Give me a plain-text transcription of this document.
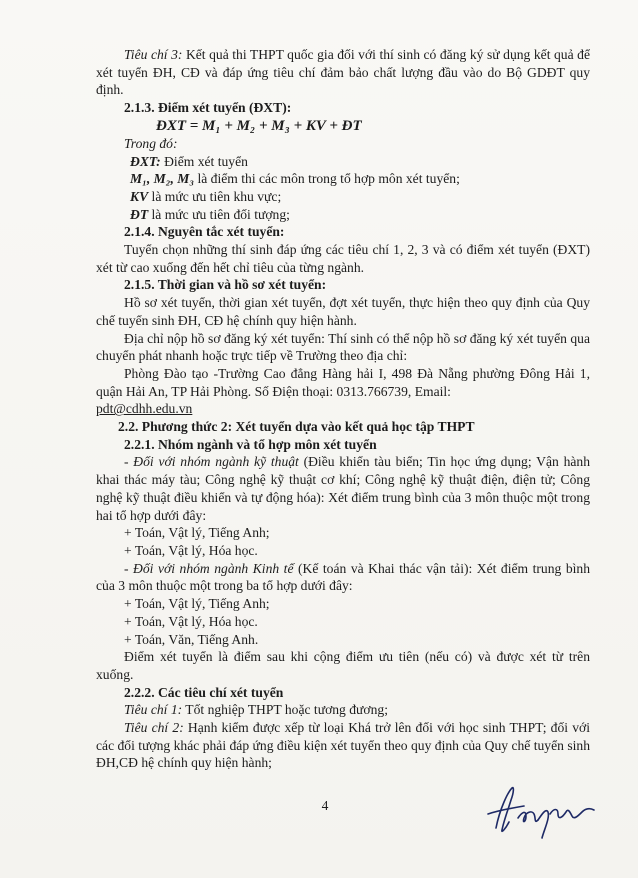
Tiêu chí 3: Kết quả thi THPT quốc gia đối với thí sinh có đăng ký sử dụng kết quả để xét tuyển ĐH, CĐ và đáp ứng tiêu chí đảm bảo chất lượng đầu vào do Bộ GDĐT quy định.

2.1.3. Điểm xét tuyển (ĐXT):

ĐXT = M₁ + M₂ + M₃ + KV + ĐT

Trong đó:

ĐXT: Điểm xét tuyển

M₁, M₂, M₃ là điểm thi các môn trong tổ hợp môn xét tuyển;

KV là mức ưu tiên khu vực;

ĐT là mức ưu tiên đối tượng;

2.1.4. Nguyên tắc xét tuyển:

Tuyển chọn những thí sinh đáp ứng các tiêu chí 1, 2, 3 và có điểm xét tuyển (ĐXT) xét từ cao xuống đến hết chỉ tiêu của từng ngành.

2.1.5. Thời gian và hồ sơ xét tuyển:

Hồ sơ xét tuyển, thời gian xét tuyển, đợt xét tuyển, thực hiện theo quy định của Quy chế tuyển sinh ĐH, CĐ hệ chính quy hiện hành.

Địa chỉ nộp hồ sơ đăng ký xét tuyển: Thí sinh có thể nộp hồ sơ đăng ký xét tuyển qua chuyển phát nhanh hoặc trực tiếp về Trường theo địa chỉ:

Phòng Đào tạo -Trường Cao đẳng Hàng hải I, 498 Đà Nẵng phường Đông Hải 1, quận Hải An, TP Hải Phòng. Số Điện thoại: 0313.766739, Email:

pdt@cdhh.edu.vn

2.2. Phương thức 2: Xét tuyển dựa vào kết quả học tập THPT

2.2.1. Nhóm ngành và tổ hợp môn xét tuyển

- Đối với nhóm ngành kỹ thuật (Điều khiển tàu biển; Tin học ứng dụng; Vận hành khai thác máy tàu; Công nghệ kỹ thuật cơ khí; Công nghệ kỹ thuật điện, điện tử; Công nghệ kỹ thuật điều khiển và tự động hóa): Xét điểm trung bình của 3 môn thuộc một trong hai tổ hợp dưới đây:

+ Toán, Vật lý, Tiếng Anh;

+ Toán, Vật lý, Hóa học.

- Đối với nhóm ngành Kinh tế (Kế toán và Khai thác vận tải): Xét điểm trung bình của 3 môn thuộc một trong ba tổ hợp dưới đây:

+ Toán, Vật lý, Tiếng Anh;

+ Toán, Vật lý, Hóa học.

+ Toán, Văn, Tiếng Anh.

Điểm xét tuyển là điểm sau khi cộng điểm ưu tiên (nếu có) và được xét từ trên xuống.

2.2.2. Các tiêu chí xét tuyển

Tiêu chí 1: Tốt nghiệp THPT hoặc tương đương;

Tiêu chí 2: Hạnh kiểm được xếp từ loại Khá trở lên đối với học sinh THPT; đối với các đối tượng khác phải đáp ứng điều kiện xét tuyển theo quy định của Quy chế tuyển sinh ĐH,CĐ hệ chính quy hiện hành;

4
